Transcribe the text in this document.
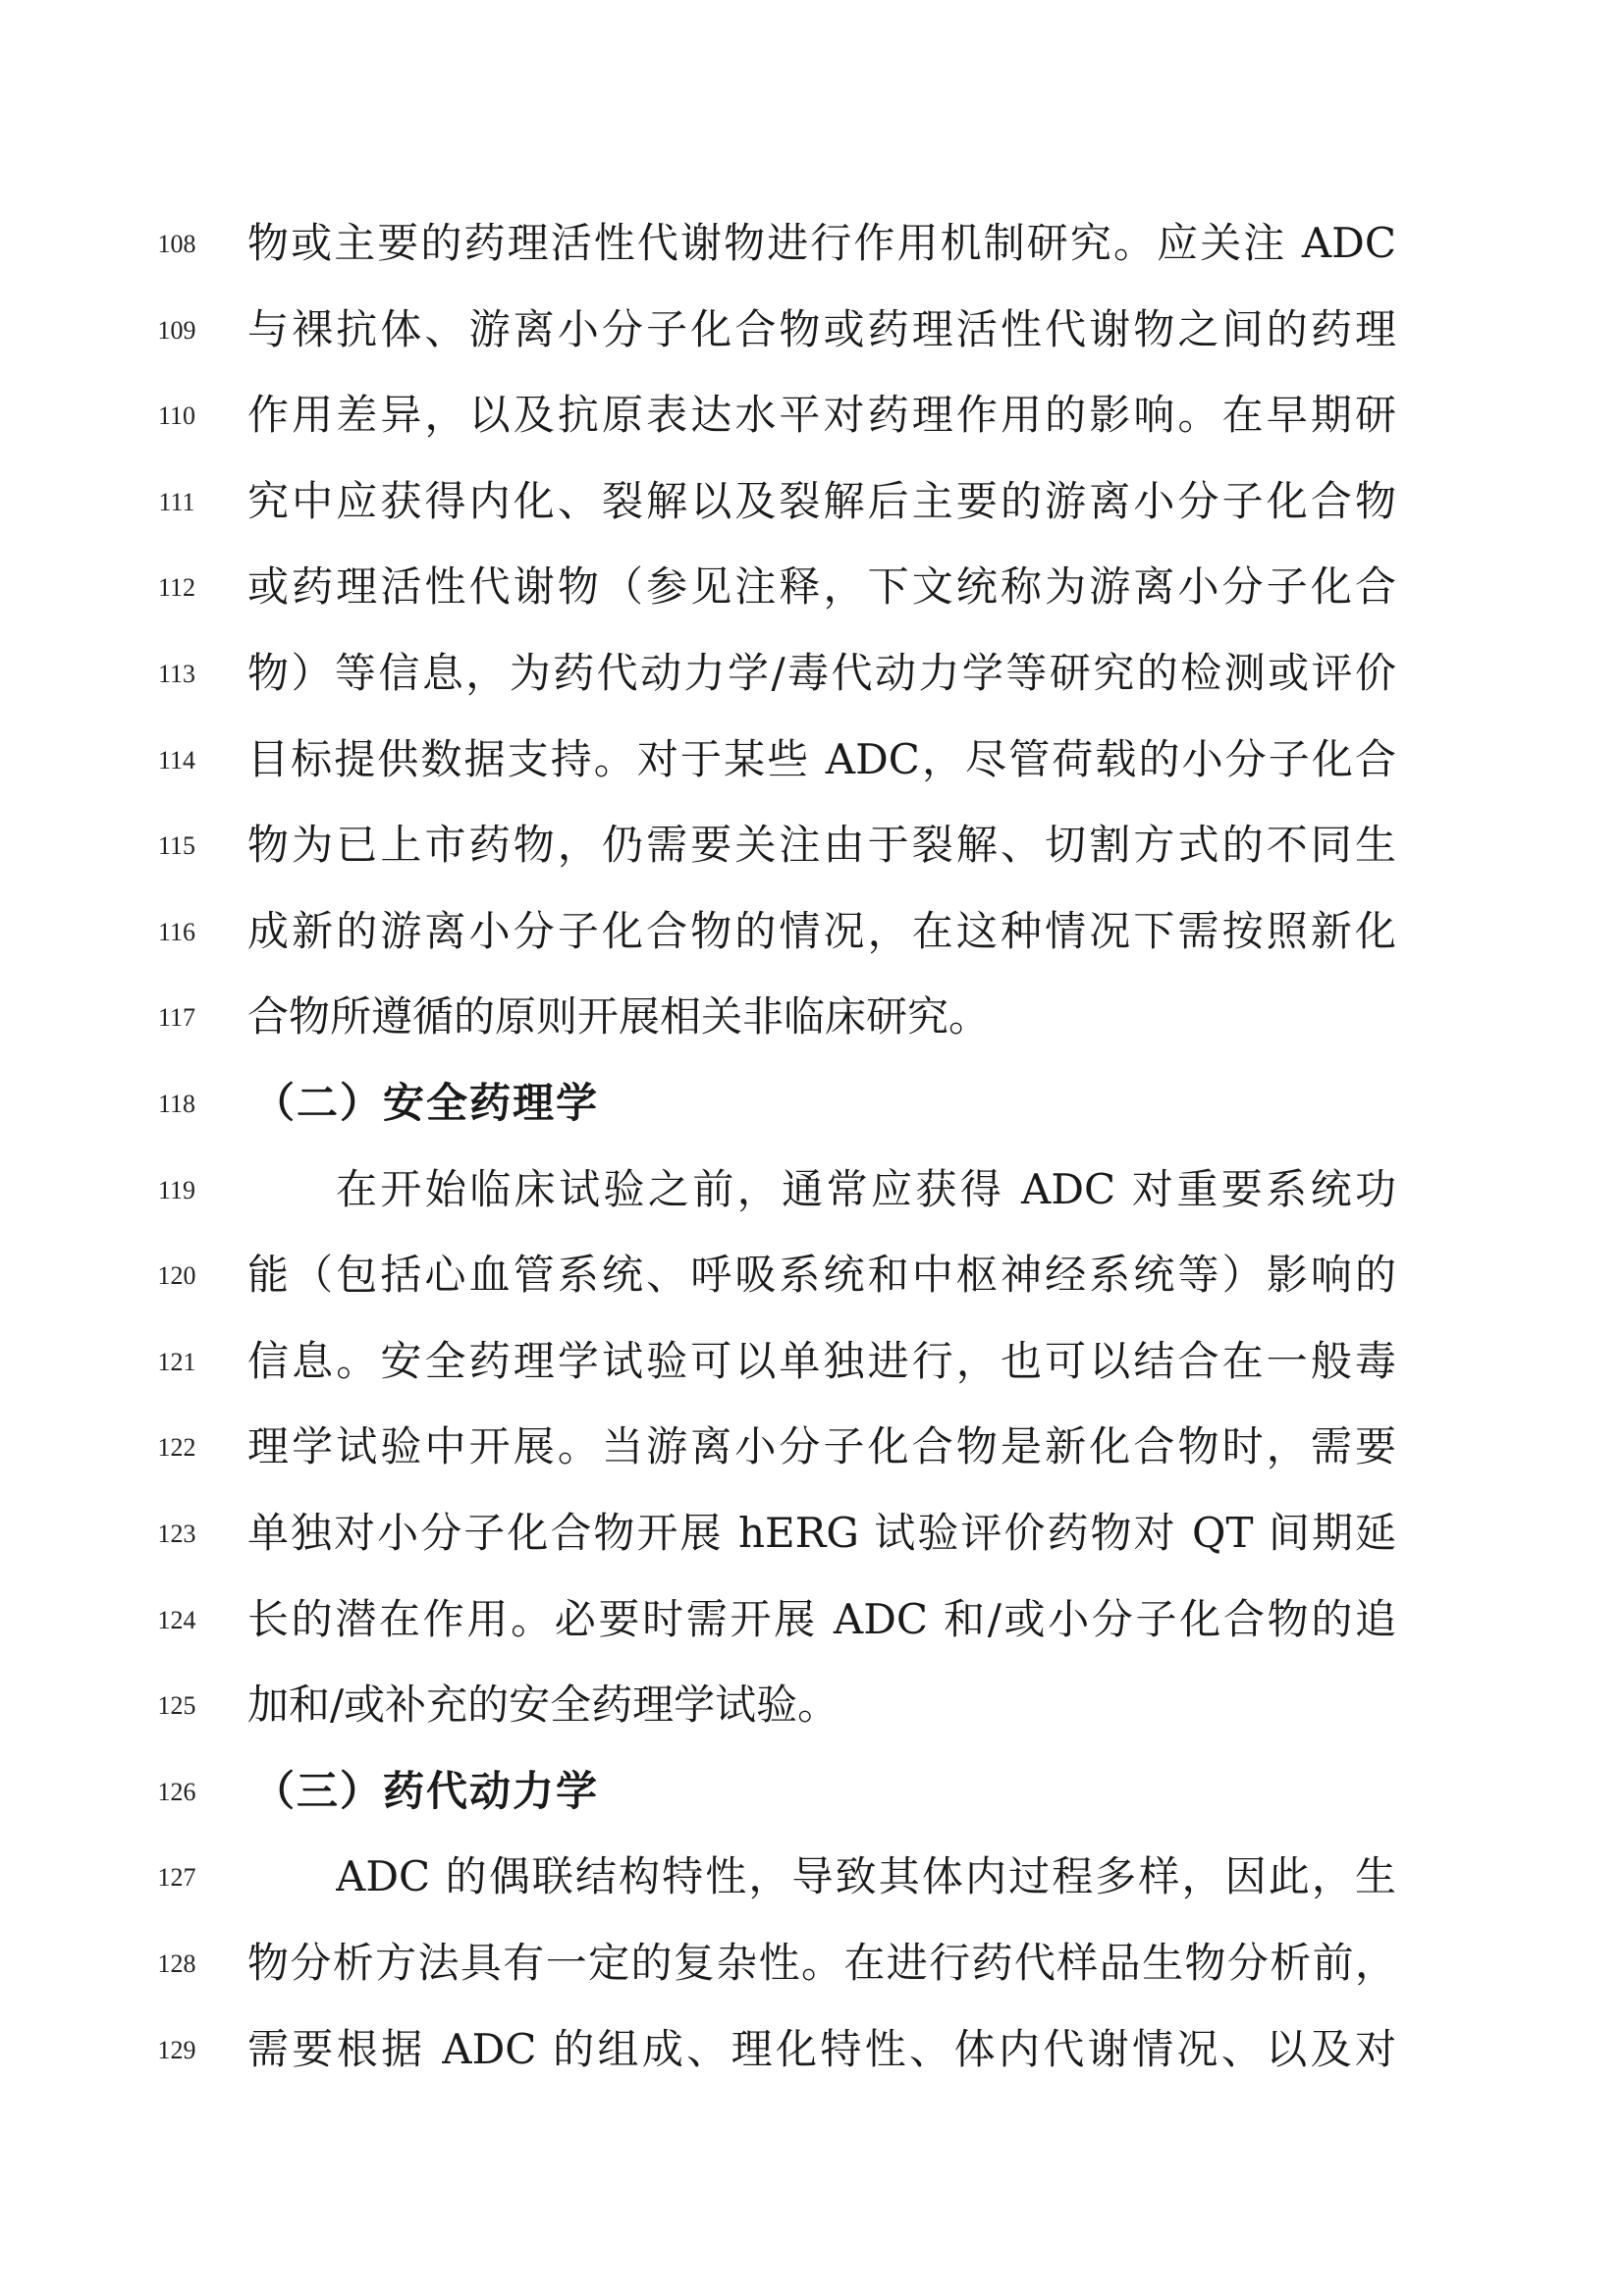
108	物或主要的药理活性代谢物进行作用机制研究。应关注 ADC
109	与裸抗体、游离小分子化合物或药理活性代谢物之间的药理
110	作用差异，以及抗原表达水平对药理作用的影响。在早期研
111	究中应获得内化、裂解以及裂解后主要的游离小分子化合物
112	或药理活性代谢物（参见注释，下文统称为游离小分子化合
113	物）等信息，为药代动力学/毒代动力学等研究的检测或评价
114	目标提供数据支持。对于某些 ADC，尽管荷载的小分子化合
115	物为已上市药物，仍需要关注由于裂解、切割方式的不同生
116	成新的游离小分子化合物的情况，在这种情况下需按照新化
117	合物所遵循的原则开展相关非临床研究。
118	（二）安全药理学
119	在开始临床试验之前，通常应获得 ADC 对重要系统功
120	能（包括心血管系统、呼吸系统和中枢神经系统等）影响的
121	信息。安全药理学试验可以单独进行，也可以结合在一般毒
122	理学试验中开展。当游离小分子化合物是新化合物时，需要
123	单独对小分子化合物开展 hERG 试验评价药物对 QT 间期延
124	长的潜在作用。必要时需开展 ADC 和/或小分子化合物的追
125	加和/或补充的安全药理学试验。
126	（三）药代动力学
127	ADC 的偶联结构特性，导致其体内过程多样，因此，生
128	物分析方法具有一定的复杂性。在进行药代样品生物分析前，
129	需要根据 ADC 的组成、理化特性、体内代谢情况、以及对
